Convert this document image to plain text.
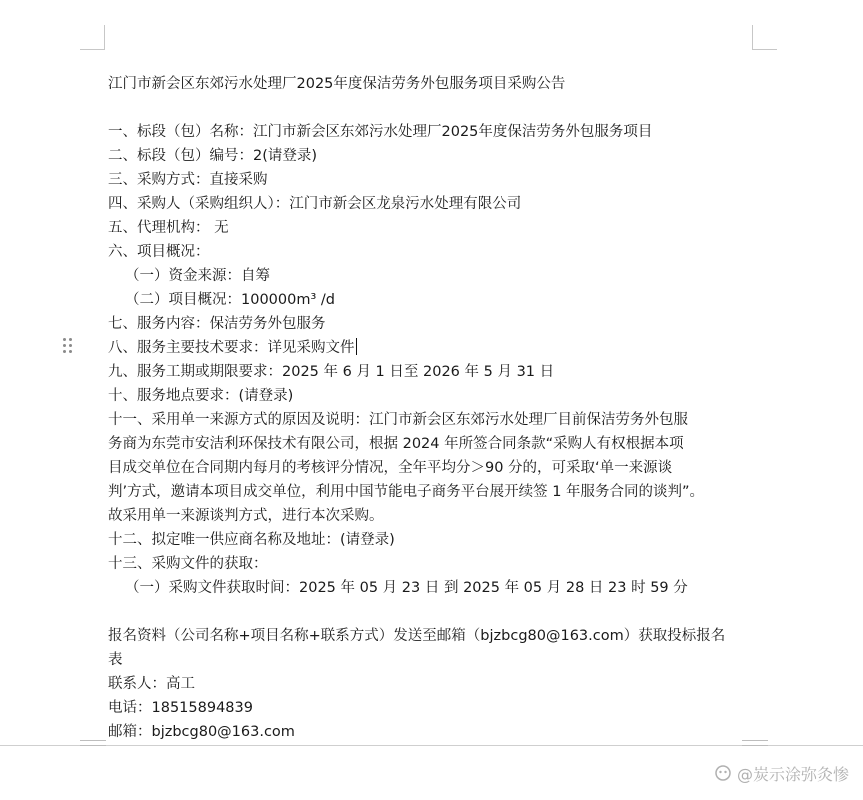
江门市新会区东郊污水处理厂2025年度保洁劳务外包服务项目采购公告

一、标段（包）名称：江门市新会区东郊污水处理厂2025年度保洁劳务外包服务项目

二、标段（包）编号：2(请登录)

三、采购方式：直接采购

四、采购人（采购组织人）：江门市新会区龙泉污水处理有限公司

五、代理机构： 无

六、项目概况：

（一）资金来源：自筹

（二）项目概况：100000m³ /d

七、服务内容：保洁劳务外包服务

八、服务主要技术要求：详见采购文件

九、服务工期或期限要求：2025 年 6 月 1 日至 2026 年 5 月 31 日

十、服务地点要求：(请登录)

十一、采用单一来源方式的原因及说明：江门市新会区东郊污水处理厂目前保洁劳务外包服

务商为东莞市安洁利环保技术有限公司，根据 2024 年所签合同条款“采购人有权根据本项

目成交单位在合同期内每月的考核评分情况，全年平均分＞90 分的，可采取‘单一来源谈

判’方式，邀请本项目成交单位，利用中国节能电子商务平台展开续签 1 年服务合同的谈判”。

故采用单一来源谈判方式，进行本次采购。

十二、拟定唯一供应商名称及地址：(请登录)

十三、采购文件的获取：

（一）采购文件获取时间：2025 年 05 月 23 日 到 2025 年 05 月 28 日 23 时 59 分

报名资料（公司名称+项目名称+联系方式）发送至邮箱（bjzbcg80@163.com）获取投标报名

表

联系人：高工

电话：18515894839

邮箱：bjzbcg80@163.com

@炭示涂弥灸惨
